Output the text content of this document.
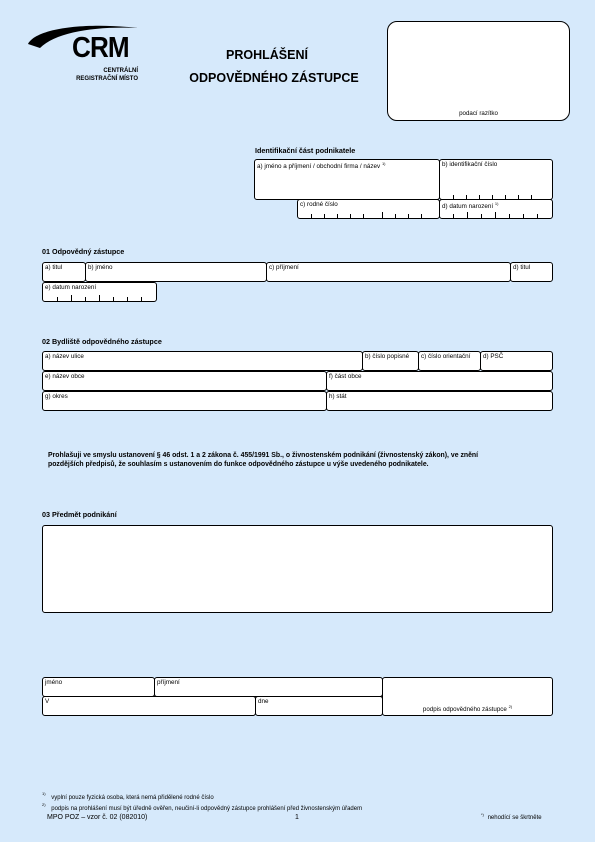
CRM
CENTRÁLNÍ
REGISTRAČNÍ MÍSTO
PROHLÁŠENÍ
ODPOVĚDNÉHO ZÁSTUPCE
podací razítko
Identifikační část podnikatele
a) jméno a příjmení / obchodní firma / název $^{1)}$	b) identifikační číslo
c) rodné číslo	d) datum narození $^{1)}$
01 Odpovědný zástupce
a) titul	b) jméno	c) příjmení	d) titul
e) datum narození
02 Bydliště odpovědného zástupce
a) název ulice	b) číslo popisné c) číslo orientační d) PSČ
e) název obce	f) část obce
g) okres	h) stát
Prohlašuji ve smyslu ustanovení § 46 odst. 1 a 2 zákona č. 455/1991 Sb., o živnostenském podnikání (živnostenský zákon), ve znění
pozdějších předpisů, že souhlasím s ustanovením do funkce odpovědného zástupce u výše uvedeného podnikatele.
03 Předmět podnikání
jméno	příjmení
V	dne
podpis odpovědného zástupce $^{2)}$
$^{1)}$ vyplní pouze fyzická osoba, která nemá přidělené rodné číslo
$^{2)}$ podpis na prohlášení musí být úředně ověřen, neučiní-li odpovědný zástupce prohlášení před živnostenským úřadem
MPO POZ – vzor č. 02 (082010)	1	*) nehodící se škrtněte
